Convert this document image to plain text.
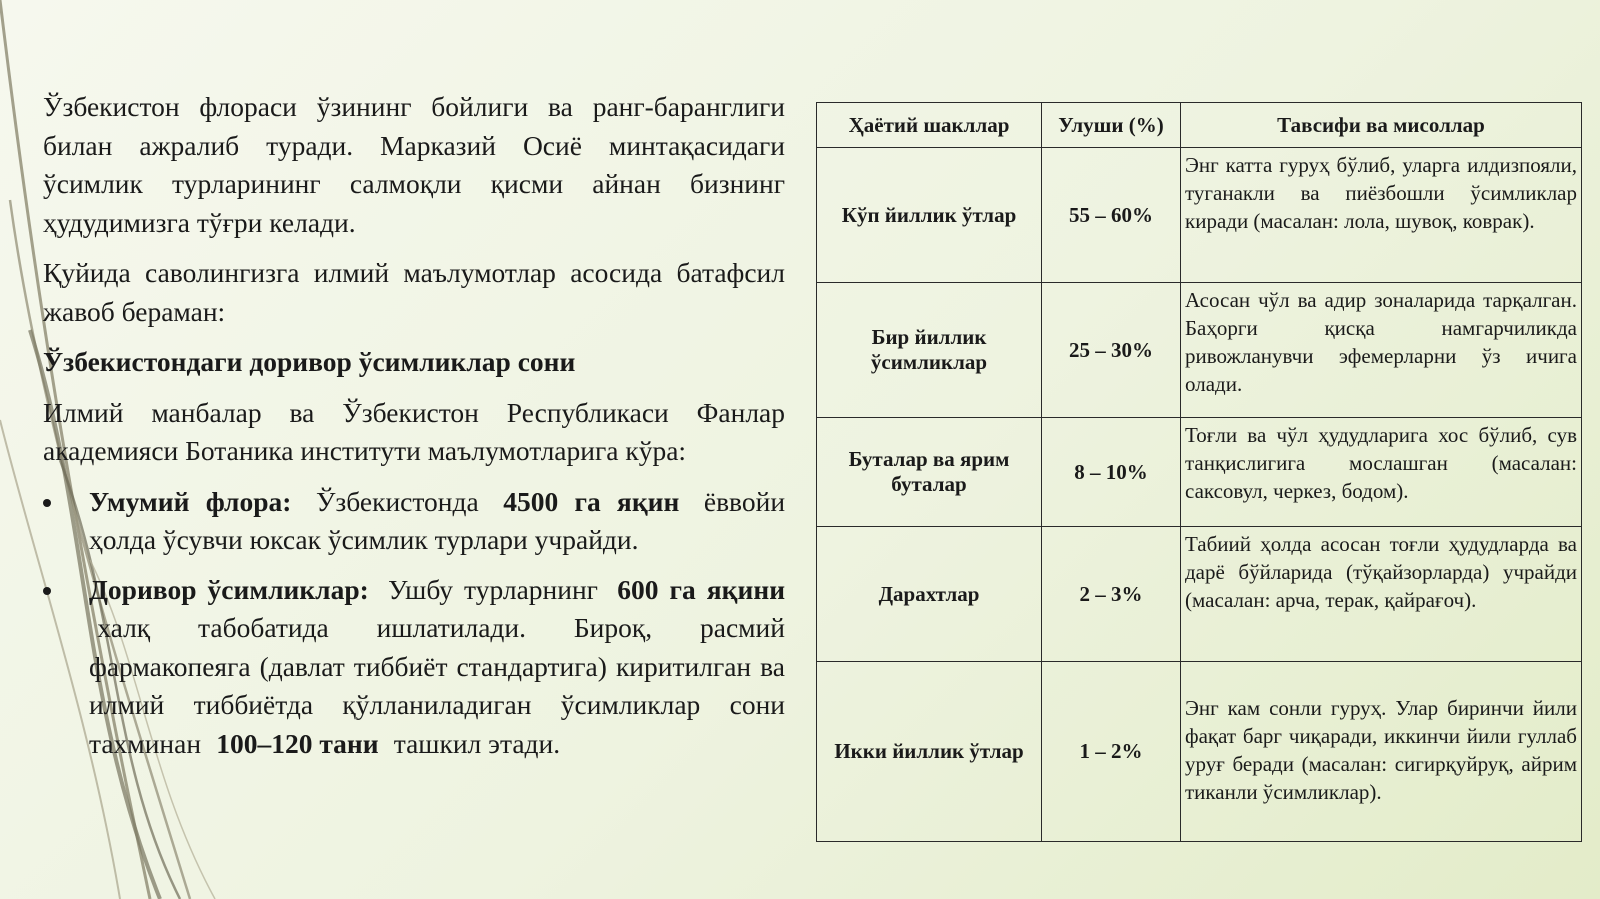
Ўзбекистон флораси ўзининг бойлиги ва ранг-баранглиги билан ажралиб туради. Марказий Осиё минтақасидаги ўсимлик турларининг салмоқли қисми айнан бизнинг ҳудудимизга тўғри келади.

Қуйида саволингизга илмий маълумотлар асосида батафсил жавоб бераман:

Ўзбекистондаги доривор ўсимликлар сони

Илмий манбалар ва Ўзбекистон Республикаси Фанлар академияси Ботаника институти маълумотларига кўра:

Умумий флора: Ўзбекистонда 4500 га яқин ёввойи ҳолда ўсувчи юксак ўсимлик турлари учрайди.
Доривор ўсимликлар: Ушбу турларнинг 600 га яқини халқ табобатида ишлатилади. Бироқ, расмий фармакопеяга (давлат тиббиёт стандартига) киритилган ва илмий тиббиётда қўлланиладиган ўсимликлар сони тахминан 100–120 тани ташкил этади.
Ҳаётий шакллар	Улуши (%)	Тавсифи ва мисоллар
Кўп йиллик ўтлар	55 – 60%	Энг катта гуруҳ бўлиб, уларга илдизпояли, туганакли ва пиёзбошли ўсимликлар киради (масалан: лола, шувоқ, коврак).
Бир йиллик ўсимликлар	25 – 30%	Асосан чўл ва адир зоналарида тарқалган. Баҳорги қисқа намгарчиликда ривожланувчи эфемерларни ўз ичига олади.
Буталар ва ярим буталар	8 – 10%	Тоғли ва чўл ҳудудларига хос бўлиб, сув танқислигига мослашган (масалан: саксовул, черкез, бодом).
Дарахтлар	2 – 3%	Табиий ҳолда асосан тоғли ҳудудларда ва дарё бўйларида (тўқайзорларда) учрайди (масалан: арча, терак, қайрағоч).
Икки йиллик ўтлар	1 – 2%	Энг кам сонли гуруҳ. Улар биринчи йили фақат барг чиқаради, иккинчи йили гуллаб уруғ беради (масалан: сигирқуйруқ, айрим тиканли ўсимликлар).
